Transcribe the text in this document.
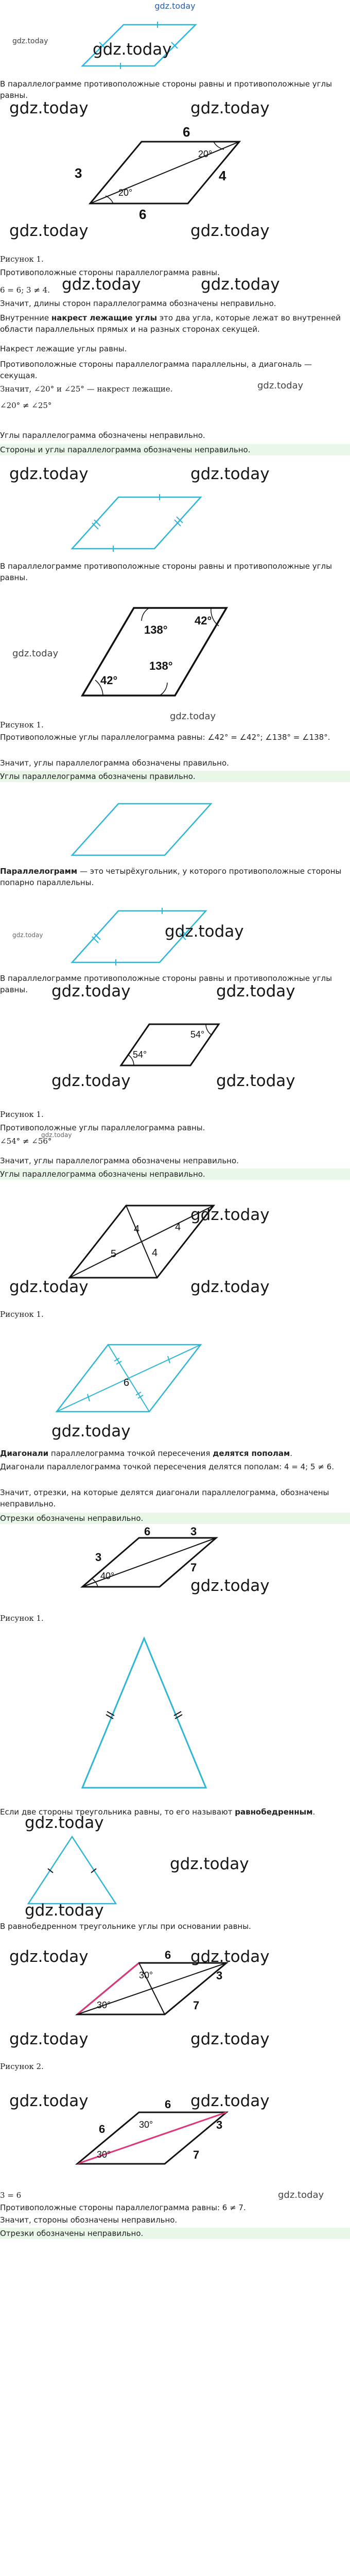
gdz.today
gdz.today	gdz.today
В параллелограмме противоположные стороны равны и противоположные углы равны.
gdz.today	gdz.today
3
6
4
6
20°
20°
gdz.today	gdz.today
Рисунок 1.
Противоположные стороны параллелограмма равны.
gdz.today	gdz.today
6 = 6; 3 ≠ 4.
Значит, длины сторон параллелограмма обозначены неправильно.
Внутренние накрест лежащие углы это два угла, которые лежат во внутренней области параллельных прямых и на разных сторонах секущей.
Накрест лежащие углы равны.
Противоположные стороны параллелограмма параллельны, а диагональ — секущая.
Значит, ∠20° и ∠25° — накрест лежащие.	gdz.today
∠20° ≠ ∠25°
Углы параллелограмма обозначены неправильно.
Стороны и углы параллелограмма обозначены неправильно.
gdz.today	gdz.today
В параллелограмме противоположные стороны равны и противоположные углы равны.
138°
42°
42°
138°
gdz.today
gdz.today
Рисунок 1.
Противоположные углы параллелограмма равны: ∠42° = ∠42°; ∠138° = ∠138°.
Значит, углы параллелограмма обозначены правильно.
Углы параллелограмма обозначены правильно.
Параллелограмм — это четырёхугольник, у которого противоположные стороны попарно параллельны.
gdz.today	gdz.today
В параллелограмме противоположные стороны равны и противоположные углы равны.	gdz.today	gdz.today
54°
54°
gdz.today	gdz.today
Рисунок 1.
Противоположные углы параллелограмма равны.
gdz.today
∠54° ≠ ∠56°
Значит, углы параллелограмма обозначены неправильно.
Углы параллелограмма обозначены неправильно.
4	4
5	4
gdz.today
gdz.today	gdz.today
Рисунок 1.
6
gdz.today
Диагонали параллелограмма точкой пересечения делятся пополам.
Диагонали параллелограмма точкой пересечения делятся пополам: 4 = 4; 5 ≠ 6.
Значит, отрезки, на которые делятся диагонали параллелограмма, обозначены неправильно.
Отрезки обозначены неправильно.
6	3
7
40°
3
gdz.today
Рисунок 1.
Если две стороны треугольника равны, то его называют равнобедренным.
gdz.today
gdz.today
gdz.today
В равнобедренном треугольнике углы при основании равны.
6
30°
30°
3
7
gdz.today	gdz.today
gdz.today	gdz.today
Рисунок 2.
6
3
30°
30°
6
7
gdz.today	gdz.today
3 = 6	gdz.today
Противоположные стороны параллелограмма равны: 6 ≠ 7.
Значит, стороны обозначены неправильно.
Отрезки обозначены неправильно.
